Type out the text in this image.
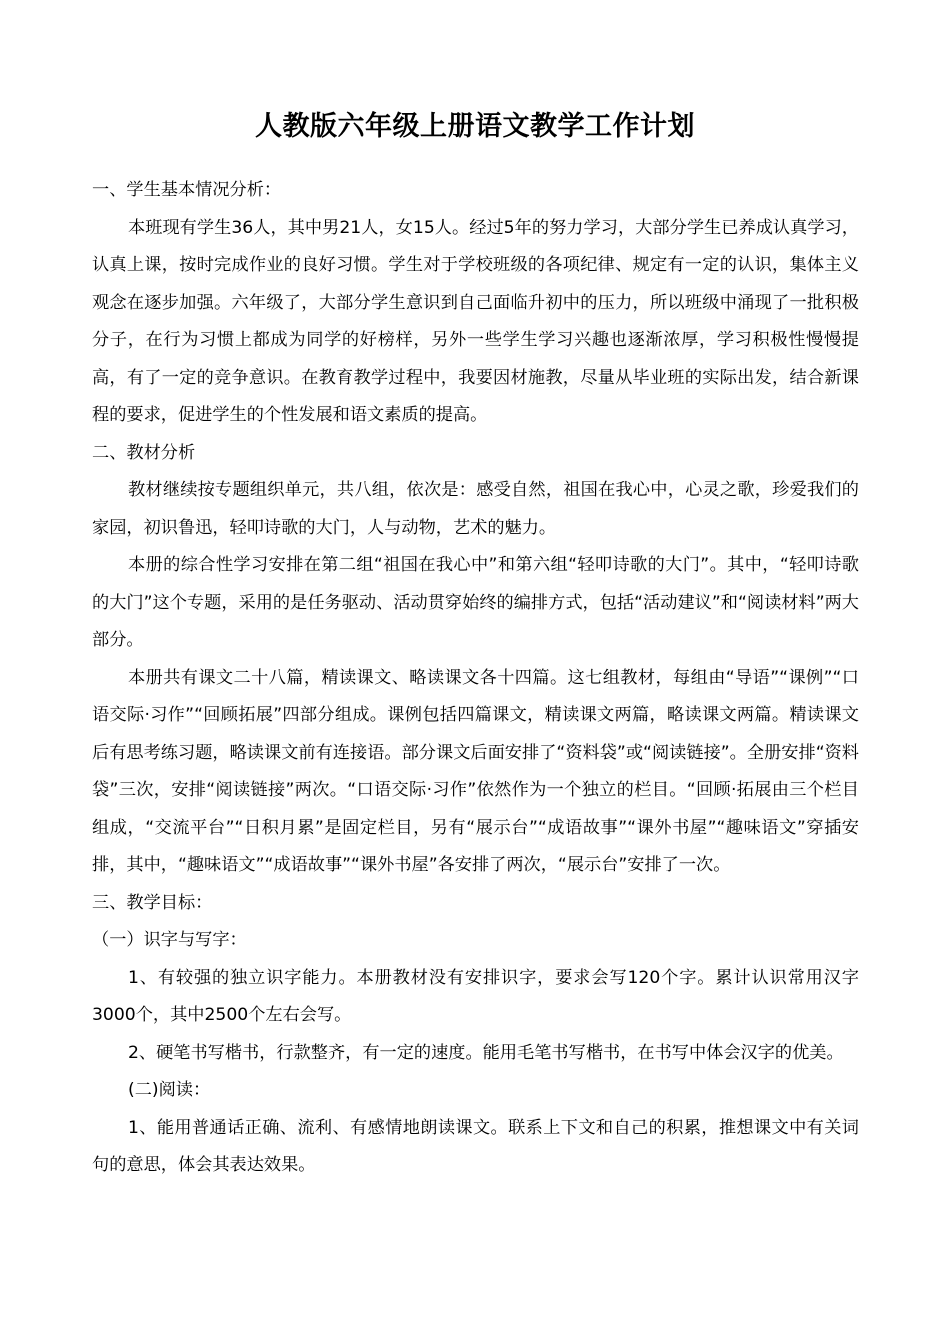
人教版六年级上册语文教学工作计划

一、学生基本情况分析：

本班现有学生36人，其中男21人，女15人。经过5年的努力学习，大部分学生已养成认真学习，认真上课，按时完成作业的良好习惯。学生对于学校班级的各项纪律、规定有一定的认识，集体主义观念在逐步加强。六年级了，大部分学生意识到自己面临升初中的压力，所以班级中涌现了一批积极分子，在行为习惯上都成为同学的好榜样，另外一些学生学习兴趣也逐渐浓厚，学习积极性慢慢提高，有了一定的竞争意识。在教育教学过程中，我要因材施教，尽量从毕业班的实际出发，结合新课程的要求，促进学生的个性发展和语文素质的提高。

二、教材分析

教材继续按专题组织单元，共八组，依次是：感受自然，祖国在我心中，心灵之歌，珍爱我们的家园，初识鲁迅，轻叩诗歌的大门，人与动物，艺术的魅力。

本册的综合性学习安排在第二组“祖国在我心中”和第六组“轻叩诗歌的大门”。其中，“轻叩诗歌的大门”这个专题，采用的是任务驱动、活动贯穿始终的编排方式，包括“活动建议”和“阅读材料”两大部分。

本册共有课文二十八篇，精读课文、略读课文各十四篇。这七组教材，每组由“导语”“课例”“口语交际·习作”“回顾拓展”四部分组成。课例包括四篇课文，精读课文两篇，略读课文两篇。精读课文后有思考练习题，略读课文前有连接语。部分课文后面安排了“资料袋”或“阅读链接”。全册安排“资料袋”三次，安排“阅读链接”两次。“口语交际·习作”依然作为一个独立的栏目。“回顾·拓展由三个栏目组成，“交流平台”“日积月累”是固定栏目，另有“展示台”“成语故事”“课外书屋”“趣味语文”穿插安排，其中，“趣味语文”“成语故事”“课外书屋”各安排了两次，“展示台”安排了一次。

三、教学目标：

（一）识字与写字：

1、有较强的独立识字能力。本册教材没有安排识字，要求会写120个字。累计认识常用汉字3000个，其中2500个左右会写。

2、硬笔书写楷书，行款整齐，有一定的速度。能用毛笔书写楷书，在书写中体会汉字的优美。

(二)阅读：

1、能用普通话正确、流利、有感情地朗读课文。联系上下文和自己的积累，推想课文中有关词句的意思，体会其表达效果。
